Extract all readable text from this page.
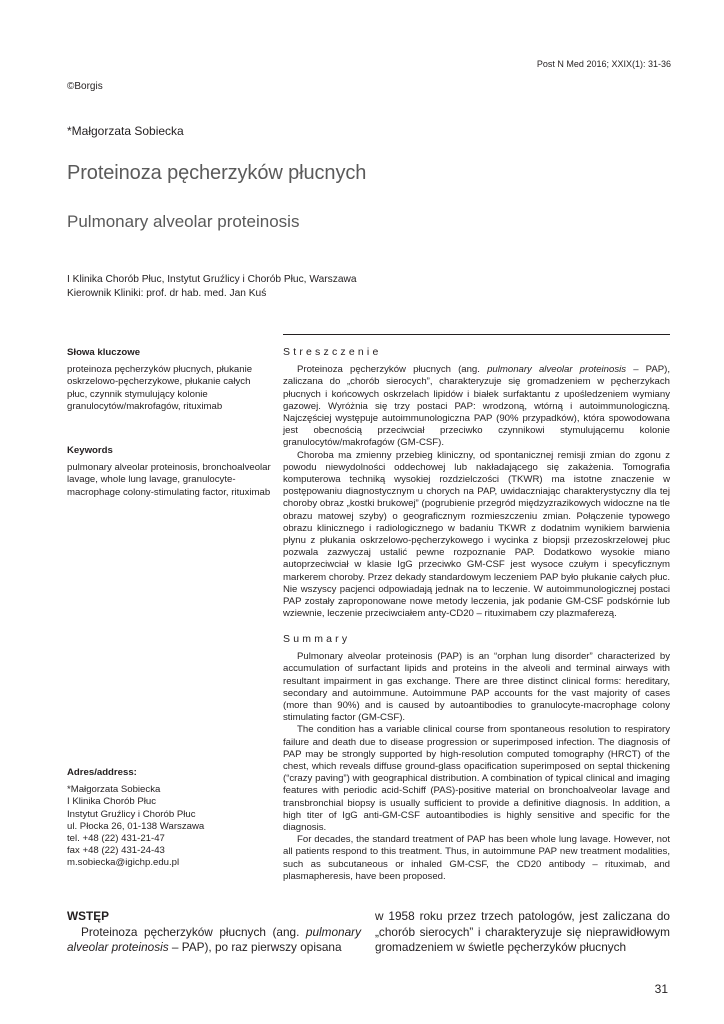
Post N Med 2016; XXIX(1): 31-36
©Borgis
*Małgorzata Sobiecka
Proteinoza pęcherzyków płucnych
Pulmonary alveolar proteinosis
I Klinika Chorób Płuc, Instytut Gruźlicy i Chorób Płuc, Warszawa
Kierownik Kliniki: prof. dr hab. med. Jan Kuś
Słowa kluczowe

proteinoza pęcherzyków płucnych, płukanie oskrzelowo-pęcherzykowe, płukanie całych płuc, czynnik stymulujący kolonie granulocytów/makrofagów, rituximab

Keywords

pulmonary alveolar proteinosis, bronchoalveolar lavage, whole lung lavage, granulocyte-macrophage colony-stimulating factor, rituximab

Adres/address:
*Małgorzata Sobiecka
I Klinika Chorób Płuc
Instytut Gruźlicy i Chorób Płuc
ul. Płocka 26, 01-138 Warszawa
tel. +48 (22) 431-21-47
fax +48 (22) 431-24-43
m.sobiecka@igichp.edu.pl
Streszczenie

Proteinoza pęcherzyków płucnych (ang. pulmonary alveolar proteinosis – PAP), zaliczana do „chorób sierocych”, charakteryzuje się gromadzeniem w pęcherzykach płucnych i końcowych oskrzelach lipidów i białek surfaktantu z upośledzeniem wymiany gazowej. Wyróżnia się trzy postaci PAP: wrodzoną, wtórną i autoimmunologiczną. Najczęściej występuje autoimmunologiczna PAP (90% przypadków), która spowodowana jest obecnością przeciwciał przeciwko czynnikowi stymulującemu kolonie granulocytów/makrofagów (GM-CSF).

Choroba ma zmienny przebieg kliniczny, od spontanicznej remisji zmian do zgonu z powodu niewydolności oddechowej lub nakładającego się zakażenia. Tomografia komputerowa techniką wysokiej rozdzielczości (TKWR) ma istotne znaczenie w postępowaniu diagnostycznym u chorych na PAP, uwidaczniając charakterystyczny dla tej choroby obraz „kostki brukowej” (pogrubienie przegród międzyzrazikowych widoczne na tle obrazu matowej szyby) o geograficznym rozmieszczeniu zmian. Połączenie typowego obrazu klinicznego i radiologicznego w badaniu TKWR z dodatnim wynikiem barwienia płynu z płukania oskrzelowo-pęcherzykowego i wycinka z biopsji przezoskrzelowej płuc pozwala zazwyczaj ustalić pewne rozpoznanie PAP. Dodatkowo wysokie miano autoprzeciwciał w klasie IgG przeciwko GM-CSF jest wysoce czułym i specyficznym markerem choroby. Przez dekady standardowym leczeniem PAP było płukanie całych płuc. Nie wszyscy pacjenci odpowiadają jednak na to leczenie. W autoimmunologicznej postaci PAP zostały zaproponowane nowe metody leczenia, jak podanie GM-CSF podskórnie lub wziewnie, leczenie przeciwciałem anty-CD20 – rituximabem czy plazmaferezą.

Summary

Pulmonary alveolar proteinosis (PAP) is an “orphan lung disorder” characterized by accumulation of surfactant lipids and proteins in the alveoli and terminal airways with resultant impairment in gas exchange. There are three distinct clinical forms: hereditary, secondary and autoimmune. Autoimmune PAP accounts for the vast majority of cases (more than 90%) and is caused by autoantibodies to granulocyte-macrophage colony stimulating factor (GM-CSF).

The condition has a variable clinical course from spontaneous resolution to respiratory failure and death due to disease progression or superimposed infection. The diagnosis of PAP may be strongly supported by high-resolution computed tomography (HRCT) of the chest, which reveals diffuse ground-glass opacification superimposed on septal thickening (“crazy paving”) with geographical distribution. A combination of typical clinical and imaging features with periodic acid-Schiff (PAS)-positive material on bronchoalveolar lavage and transbronchial biopsy is usually sufficient to provide a definitive diagnosis. In addition, a high titer of IgG anti-GM-CSF autoantibodies is highly sensitive and specific for the diagnosis.

For decades, the standard treatment of PAP has been whole lung lavage. However, not all patients respond to this treatment. Thus, in autoimmune PAP new treatment modalities, such as subcutaneous or inhaled GM-CSF, the CD20 antibody – rituximab, and plasmapheresis, have been proposed.

WSTĘP

Proteinoza pęcherzyków płucnych (ang. pulmonary alveolar proteinosis – PAP), po raz pierwszy opisana

w 1958 roku przez trzech patologów, jest zaliczana do „chorób sierocych” i charakteryzuje się nieprawidłowym gromadzeniem w świetle pęcherzyków płucnych

31
